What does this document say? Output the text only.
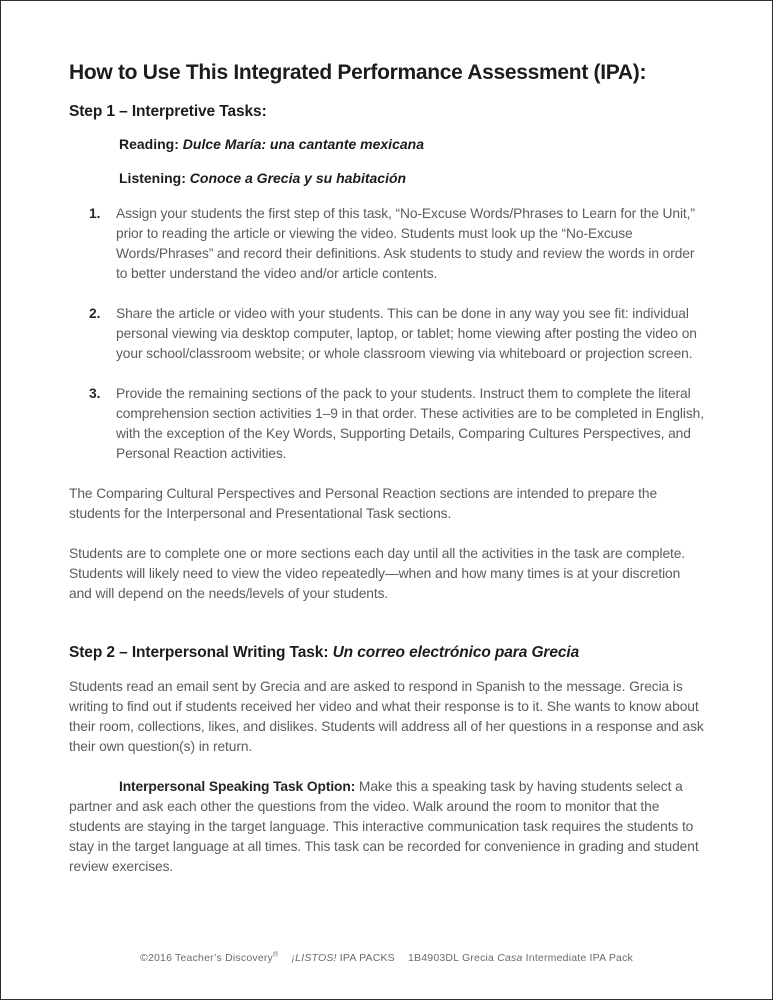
How to Use This Integrated Performance Assessment (IPA):
Step 1 – Interpretive Tasks:
Reading: Dulce María: una cantante mexicana
Listening: Conoce a Grecia y su habitación
1. Assign your students the first step of this task, “No-Excuse Words/Phrases to Learn for the Unit,” prior to reading the article or viewing the video. Students must look up the “No-Excuse Words/Phrases” and record their definitions. Ask students to study and review the words in order to better understand the video and/or article contents.
2. Share the article or video with your students. This can be done in any way you see fit: individual personal viewing via desktop computer, laptop, or tablet; home viewing after posting the video on your school/classroom website; or whole classroom viewing via whiteboard or projection screen.
3. Provide the remaining sections of the pack to your students. Instruct them to complete the literal comprehension section activities 1–9 in that order. These activities are to be completed in English, with the exception of the Key Words, Supporting Details, Comparing Cultures Perspectives, and Personal Reaction activities.

The Comparing Cultural Perspectives and Personal Reaction sections are intended to prepare the students for the Interpersonal and Presentational Task sections.

Students are to complete one or more sections each day until all the activities in the task are complete. Students will likely need to view the video repeatedly—when and how many times is at your discretion and will depend on the needs/levels of your students.

Step 2 – Interpersonal Writing Task: Un correo electrónico para Grecia

Students read an email sent by Grecia and are asked to respond in Spanish to the message. Grecia is writing to find out if students received her video and what their response is to it. She wants to know about their room, collections, likes, and dislikes. Students will address all of her questions in a response and ask their own question(s) in return.

Interpersonal Speaking Task Option: Make this a speaking task by having students select a partner and ask each other the questions from the video. Walk around the room to monitor that the students are staying in the target language. This interactive communication task requires the students to stay in the target language at all times. This task can be recorded for convenience in grading and student review exercises.

©2016 Teacher’s Discovery® ¡LISTOS! IPA PACKS 1B4903DL Grecia Casa Intermediate IPA Pack
